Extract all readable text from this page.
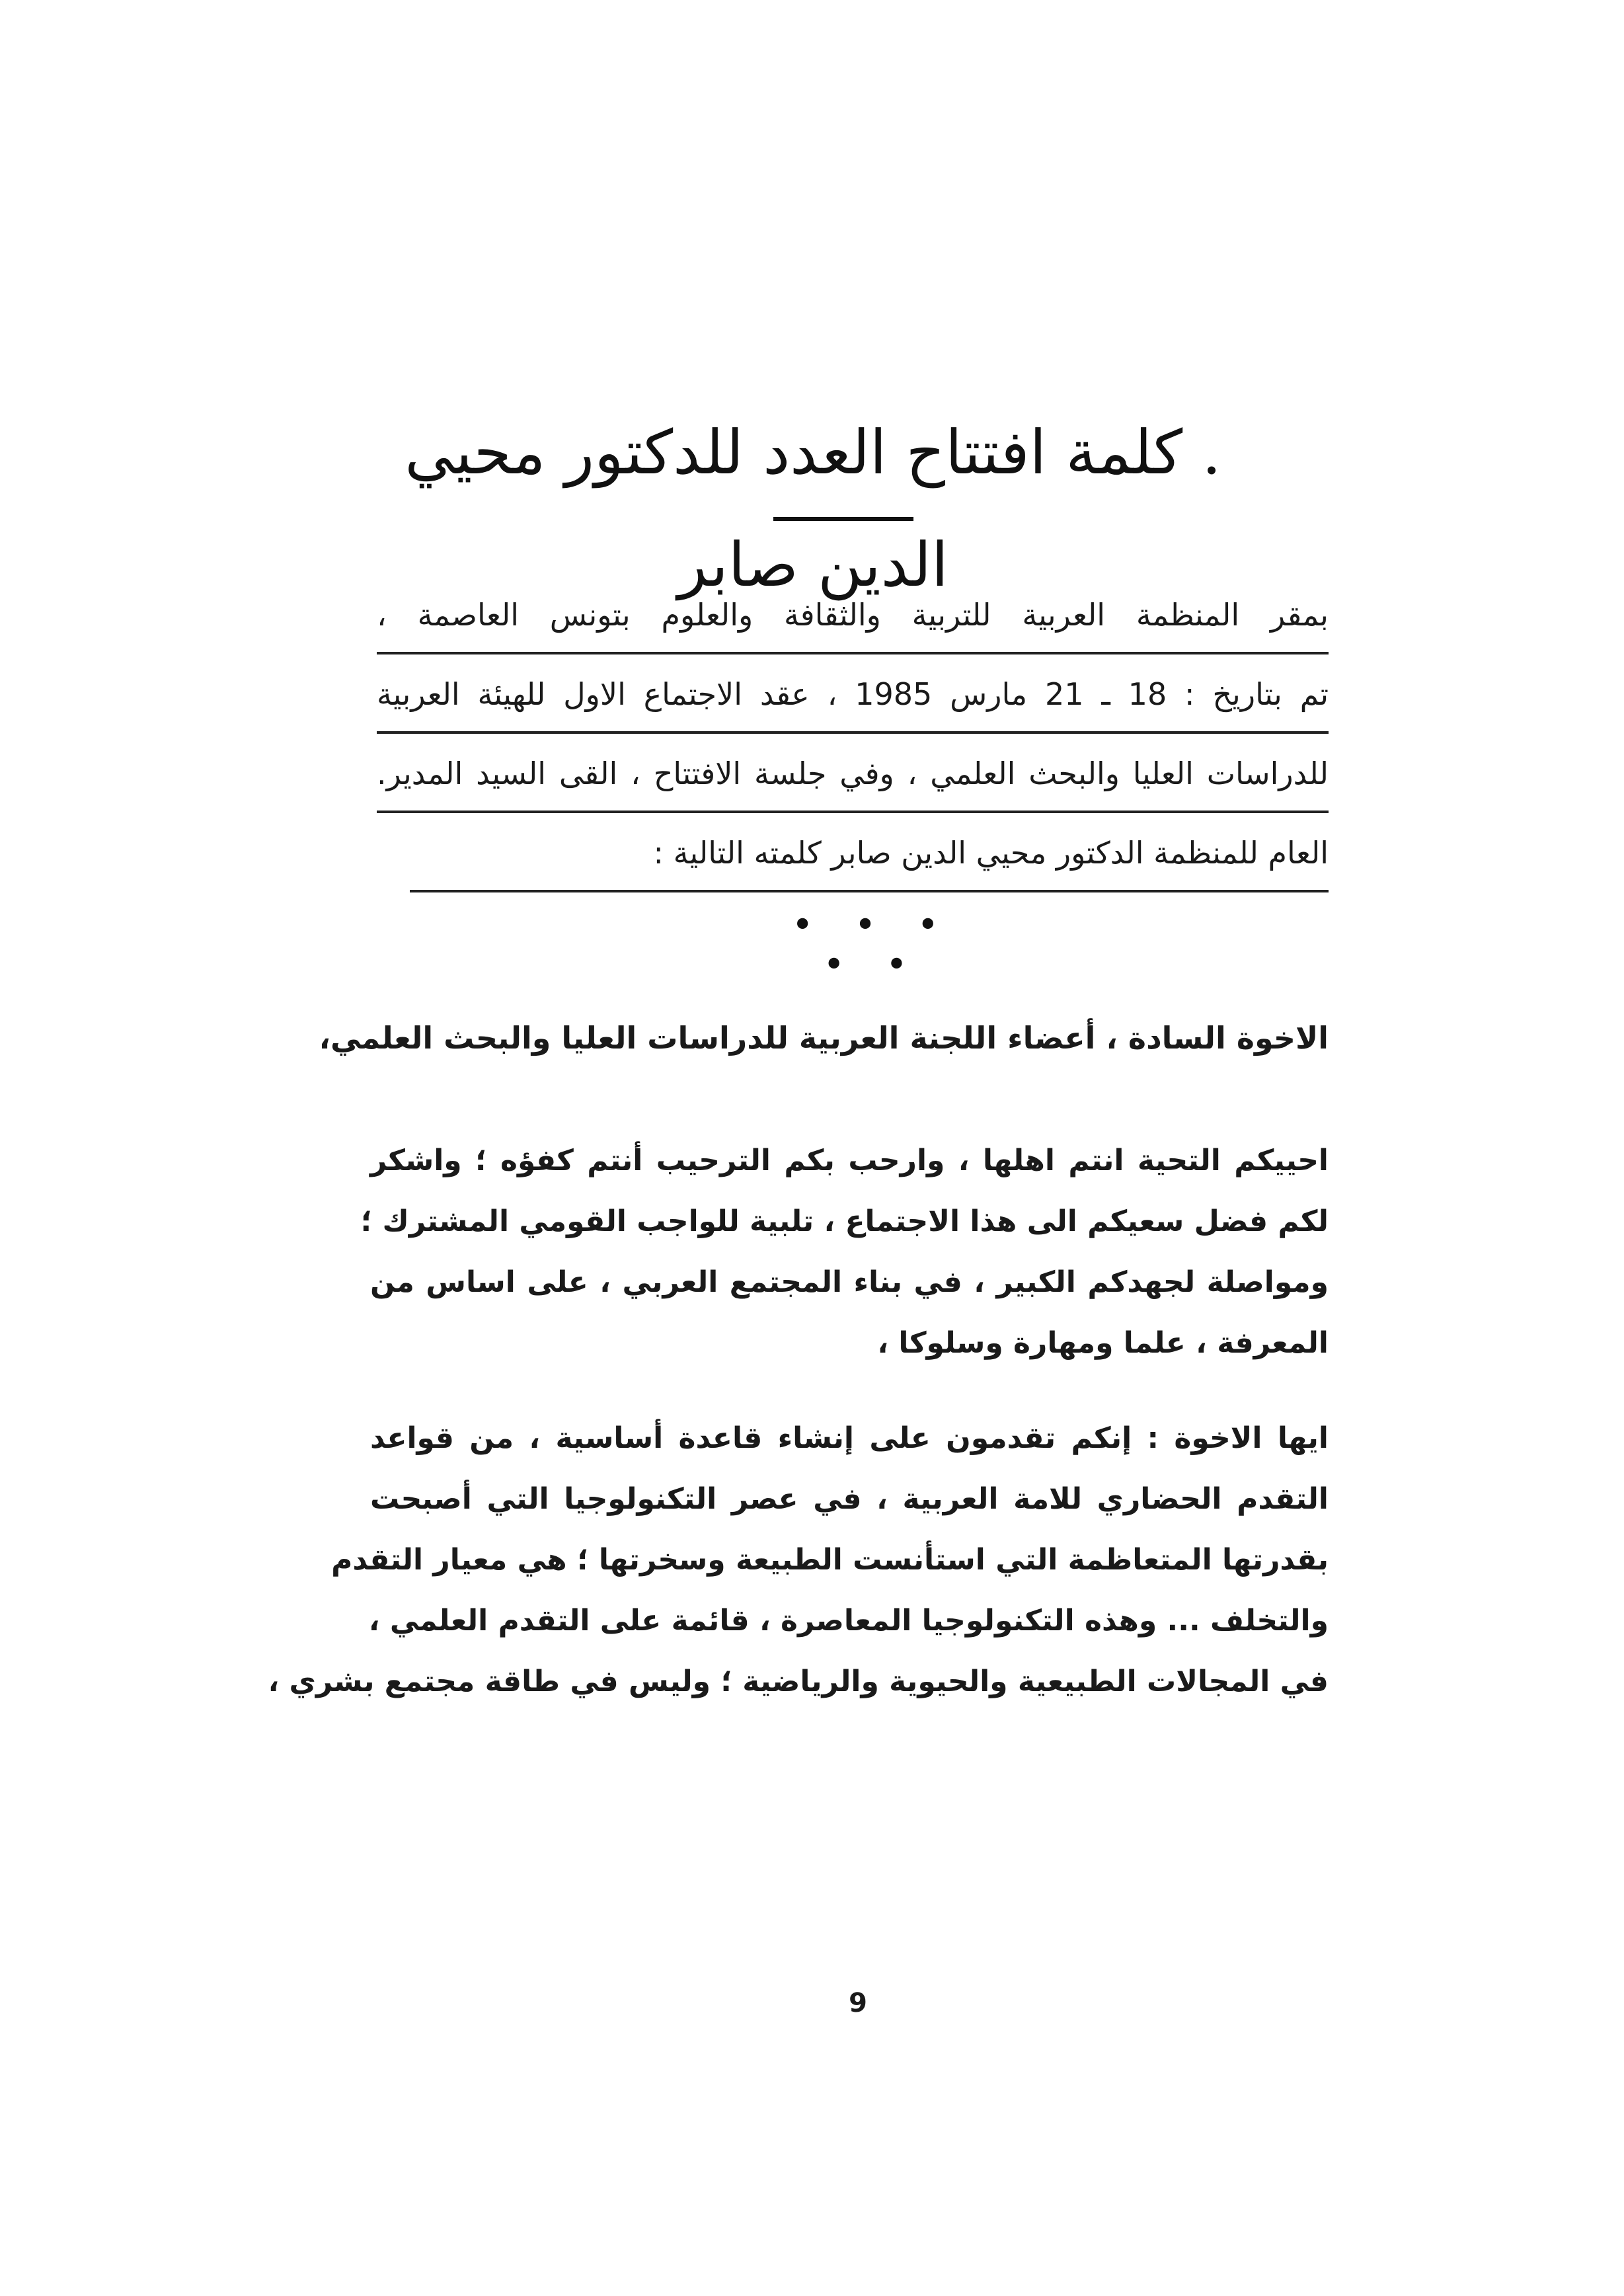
. كلمة افتتاح العدد للدكتور محيي الدين صابر
بمقر المنظمة العربية للتربية والثقافة والعلوم بتونس العاصمة ،
تم بتاريخ : 18 ـ 21 مارس 1985 ، عقد الاجتماع الاول للهيئة العربية
للدراسات العليا والبحث العلمي ، وفي جلسة الافتتاح ، القى السيد المدير.
العام للمنظمة الدكتور محيي الدين صابر كلمته التالية :
• • • • •
الاخوة السادة ، أعضاء اللجنة العربية للدراسات العليا والبحث العلمي،
احييكم التحية انتم اهلها ، وارحب بكم الترحيب أنتم كفؤه ؛ واشكر
لكم فضل سعيكم الى هذا الاجتماع ، تلبية للواجب القومي المشترك ؛
ومواصلة لجهدكم الكبير ، في بناء المجتمع العربي ، على اساس من
المعرفة ، علما ومهارة وسلوكا ،
ايها الاخوة : إنكم تقدمون على إنشاء قاعدة أساسية ، من قواعد
التقدم الحضاري للامة العربية ، في عصر التكنولوجيا التي أصبحت
بقدرتها المتعاظمة التي استأنست الطبيعة وسخرتها ؛ هي معيار التقدم
والتخلف ... وهذه التكنولوجيا المعاصرة ، قائمة على التقدم العلمي ،
في المجالات الطبيعية والحيوية والرياضية ؛ وليس في طاقة مجتمع بشري ،
9
